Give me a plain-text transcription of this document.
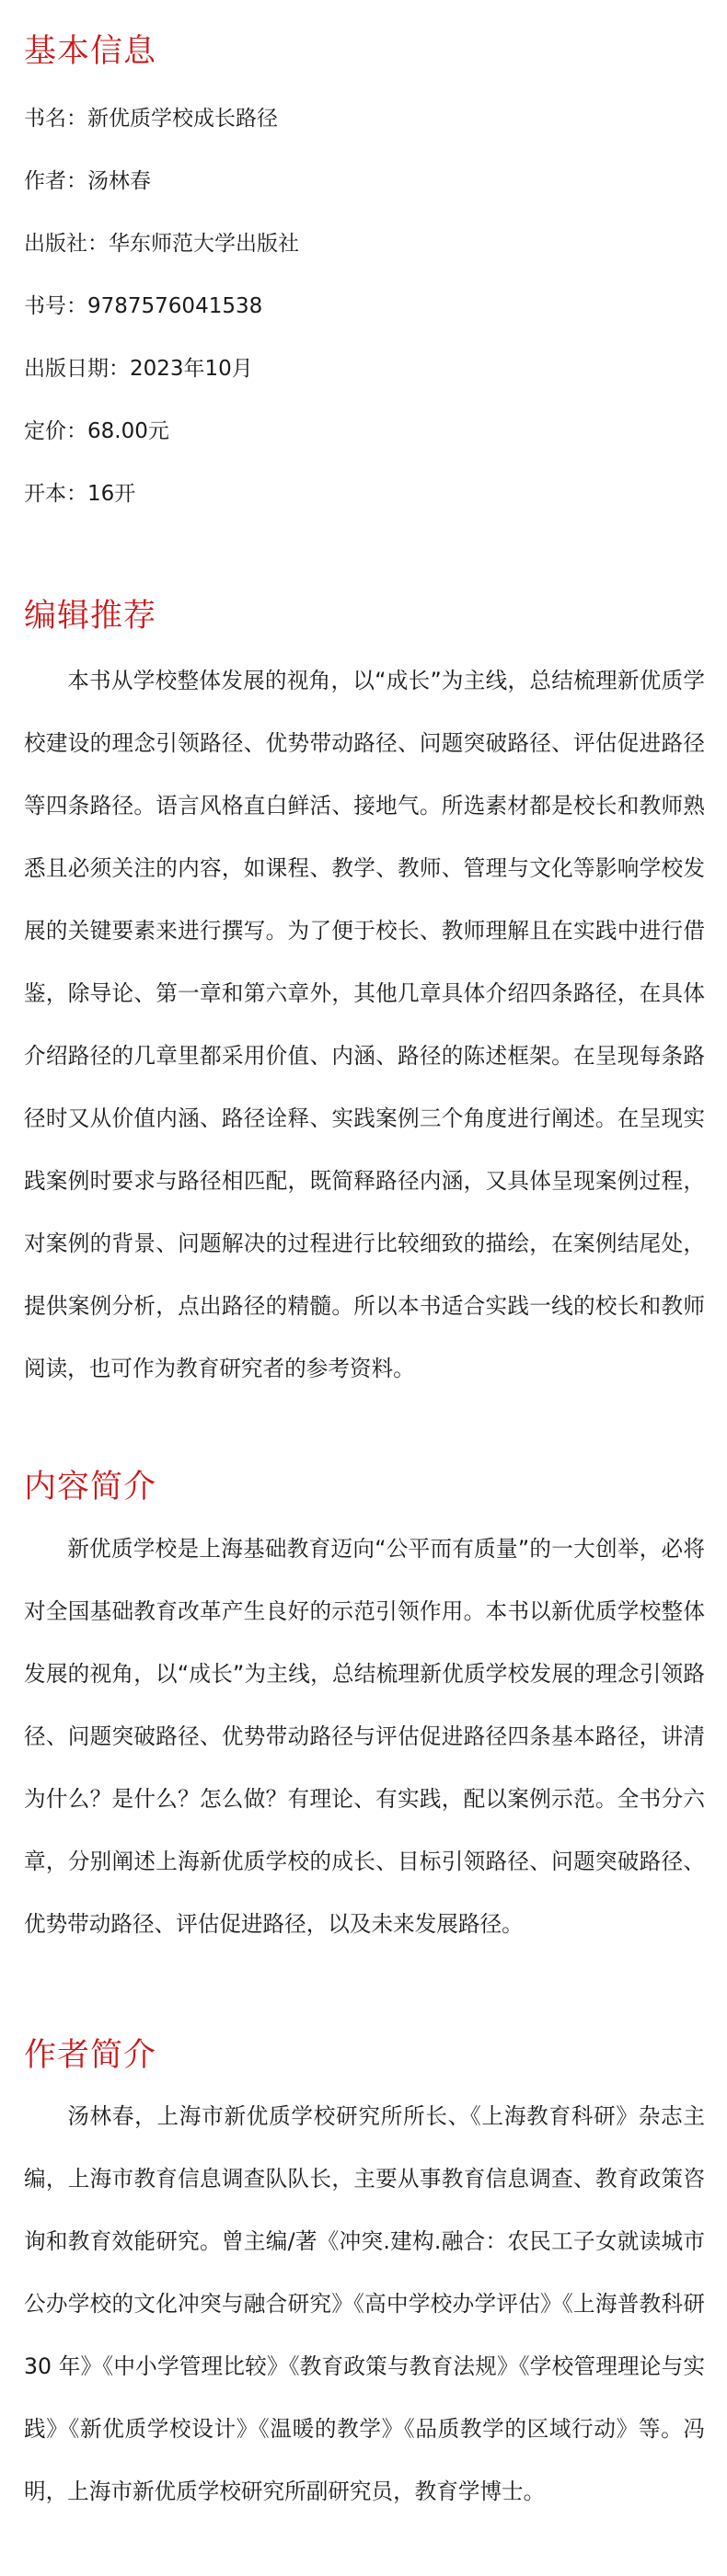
基本信息

书名：新优质学校成长路径

作者：汤林春

出版社：华东师范大学出版社

书号：9787576041538

出版日期：2023年10月

定价：68.00元

开本：16开

编辑推荐

本书从学校整体发展的视角，以“成长”为主线，总结梳理新优质学校建设的理念引领路径、优势带动路径、问题突破路径、评估促进路径等四条路径。语言风格直白鲜活、接地气。所选素材都是校长和教师熟悉且必须关注的内容，如课程、教学、教师、管理与文化等影响学校发展的关键要素来进行撰写。为了便于校长、教师理解且在实践中进行借鉴，除导论、第一章和第六章外，其他几章具体介绍四条路径，在具体介绍路径的几章里都采用价值、内涵、路径的陈述框架。在呈现每条路径时又从价值内涵、路径诠释、实践案例三个角度进行阐述。在呈现实践案例时要求与路径相匹配，既简释路径内涵，又具体呈现案例过程，对案例的背景、问题解决的过程进行比较细致的描绘，在案例结尾处，提供案例分析，点出路径的精髓。所以本书适合实践一线的校长和教师阅读，也可作为教育研究者的参考资料。

内容简介

新优质学校是上海基础教育迈向“公平而有质量”的一大创举，必将对全国基础教育改革产生良好的示范引领作用。本书以新优质学校整体发展的视角，以“成长”为主线，总结梳理新优质学校发展的理念引领路径、问题突破路径、优势带动路径与评估促进路径四条基本路径，讲清为什么？是什么？怎么做？有理论、有实践，配以案例示范。全书分六章，分别阐述上海新优质学校的成长、目标引领路径、问题突破路径、优势带动路径、评估促进路径，以及未来发展路径。

作者简介

汤林春，上海市新优质学校研究所所长、《上海教育科研》杂志主编，上海市教育信息调查队队长，主要从事教育信息调查、教育政策咨询和教育效能研究。曾主编/著《冲突.建构.融合：农民工子女就读城市公办学校的文化冲突与融合研究》《高中学校办学评估》《上海普教科研 30 年》《中小学管理比较》《教育政策与教育法规》《学校管理理论与实践》《新优质学校设计》《温暖的教学》《品质教学的区域行动》等。冯明，上海市新优质学校研究所副研究员，教育学博士。
